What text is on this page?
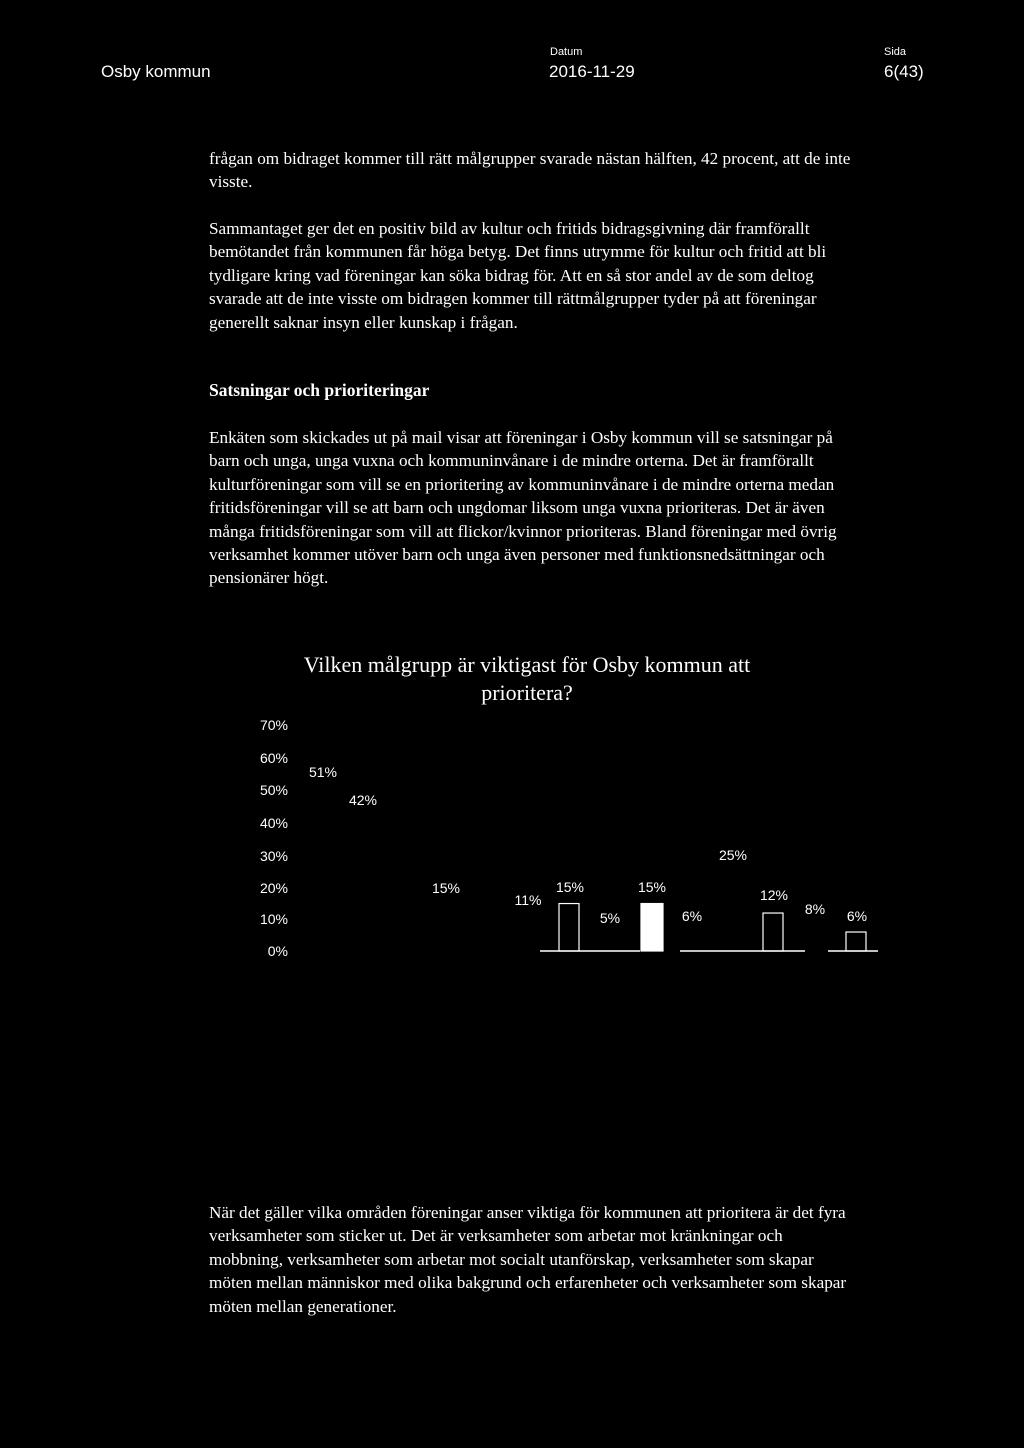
Osby kommun
Datum
2016-11-29
Sida
6(43)

frågan om bidraget kommer till rätt målgrupper svarade nästan hälften, 42 procent, att de inte visste.

Sammantaget ger det en positiv bild av kultur och fritids bidragsgivning där framförallt bemötandet från kommunen får höga betyg. Det finns utrymme för kultur och fritid att bli tydligare kring vad föreningar kan söka bidrag för. Att en så stor andel av de som deltog svarade att de inte visste om bidragen kommer till rättmålgrupper tyder på att föreningar generellt saknar insyn eller kunskap i frågan.

Satsningar och prioriteringar

Enkäten som skickades ut på mail visar att föreningar i Osby kommun vill se satsningar på barn och unga, unga vuxna och kommuninvånare i de mindre orterna. Det är framförallt kulturföreningar som vill se en prioritering av kommuninvånare i de mindre orterna medan fritidsföreningar vill se att barn och ungdomar liksom unga vuxna prioriteras. Det är även många fritidsföreningar som vill att flickor/kvinnor prioriteras. Bland föreningar med övrig verksamhet kommer utöver barn och unga även personer med funktionsnedsättningar och pensionärer högt.

Vilken målgrupp är viktigast för Osby kommun att
prioritera?
70%
60%
50%
40%
30%
20%
10%
0%
51%
42%
15%
11%
15%
5%
15%
6%
25%
12%
8% 6%

När det gäller vilka områden föreningar anser viktiga för kommunen att prioritera är det fyra verksamheter som sticker ut. Det är verksamheter som arbetar mot kränkningar och mobbning, verksamheter som arbetar mot socialt utanförskap, verksamheter som skapar möten mellan människor med olika bakgrund och erfarenheter och verksamheter som skapar möten mellan generationer.
